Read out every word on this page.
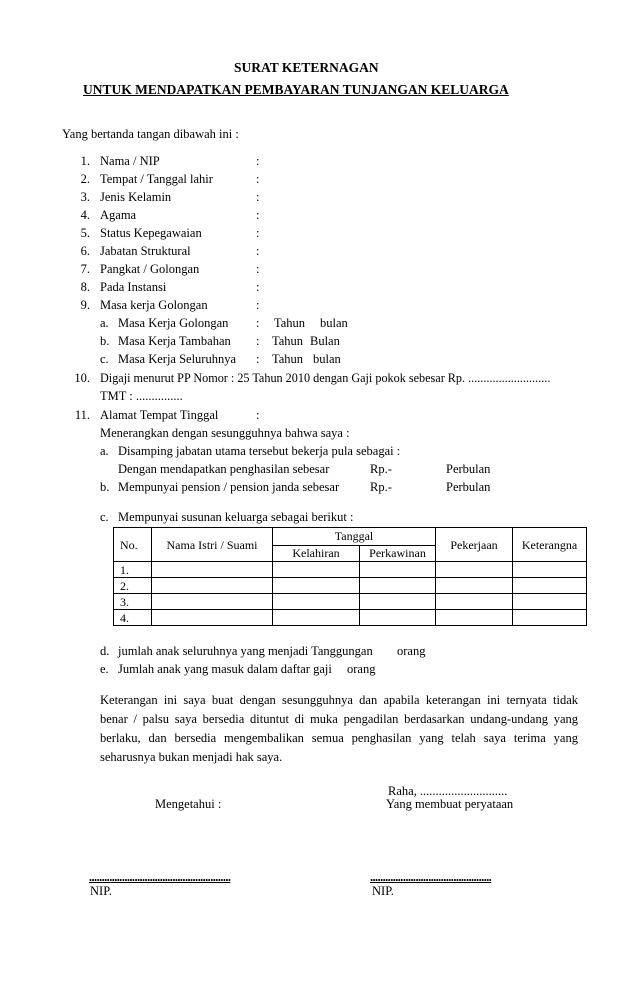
SURAT KETERNAGAN
UNTUK MENDAPATKAN PEMBAYARAN TUNJANGAN KELUARGA
Yang bertanda tangan dibawah ini :
1. Nama / NIP	:
2. Tempat / Tanggal lahir	:
3. Jenis Kelamin	:
4. Agama	:
5. Status Kepegawaian	:
6. Jabatan Struktural	:
7. Pangkat / Golongan	:
8. Pada Instansi	:
9. Masa kerja Golongan	:
a. Masa Kerja Golongan : Tahun bulan
b. Masa Kerja Tambahan : Tahun Bulan
c. Masa Kerja Seluruhnya : Tahun bulan
10. Digaji menurut PP Nomor : 25 Tahun 2010 dengan Gaji pokok sebesar Rp. ...........................
TMT : ...............
11. Alamat Tempat Tinggal	:
Menerangkan dengan sesungguhnya bahwa saya :
a. Disamping jabatan utama tersebut bekerja pula sebagai :
Dengan mendapatkan penghasilan sebesar	Rp.-	Perbulan
b. Mempunyai pension / pension janda sebesar Rp.-	Perbulan
c. Mempunyai susunan keluarga sebagai berikut :
No.	Nama Istri / Suami	Tanggal		Pekerjaan	Keterangna
		Kelahiran	Perkawinan		
1.					
2.					
3.					
4.					
d. jumlah anak seluruhnya yang menjadi Tanggungan orang
e. Jumlah anak yang masuk dalam daftar gaji orang
Keterangan ini saya buat dengan sesungguhnya dan apabila keterangan ini ternyata tidak
benar / palsu saya bersedia dituntut di muka pengadilan berdasarkan undang-undang yang
berlaku, dan bersedia mengembalikan semua penghasilan yang telah saya terima yang
seharusnya bukan menjadi hak saya.
Raha, ............................
Mengetahui :	Yang membuat peryataan
........................................................	................................................
NIP.	NIP.
